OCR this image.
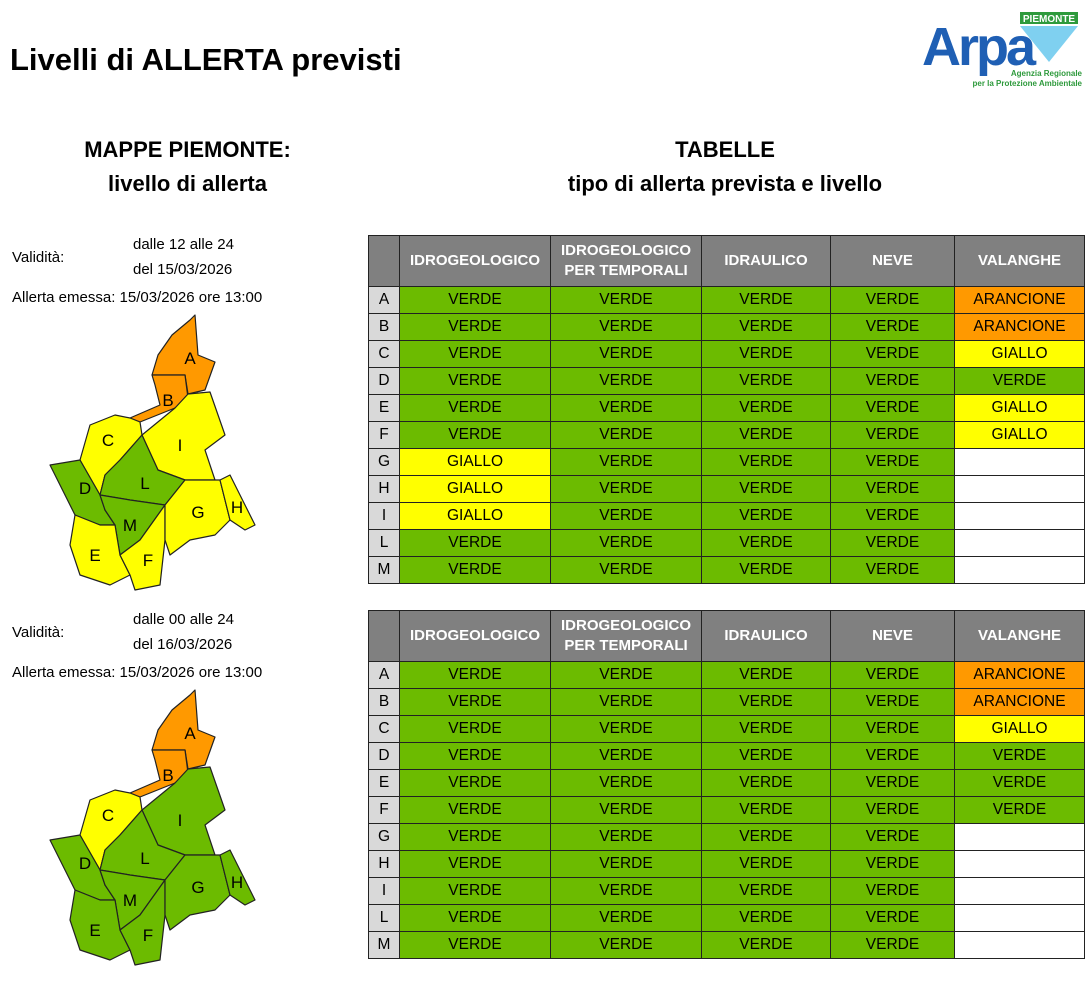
Livelli di ALLERTA previsti
PIEMONTE
Arpa
Agenzia Regionale
per la Protezione Ambientale
MAPPE PIEMONTE:
livello di allerta
TABELLE
tipo di allerta prevista e livello
Validità:
dalle 12 alle 24
del 15/03/2026
Allerta emessa: 15/03/2026 ore 13:00
A
B
C	I
D	L
M
E F
G H
	IDROGEOLOGICO	IDROGEOLOGICO PER TEMPORALI	IDRAULICO	NEVE	VALANGHE
A	VERDE	VERDE	VERDE	VERDE	ARANCIONE
B	VERDE	VERDE	VERDE	VERDE	ARANCIONE
C	VERDE	VERDE	VERDE	VERDE	GIALLO
D	VERDE	VERDE	VERDE	VERDE	VERDE
E	VERDE	VERDE	VERDE	VERDE	GIALLO
F	VERDE	VERDE	VERDE	VERDE	GIALLO
G	GIALLO	VERDE	VERDE	VERDE	
H	GIALLO	VERDE	VERDE	VERDE	
I	GIALLO	VERDE	VERDE	VERDE	
L	VERDE	VERDE	VERDE	VERDE	
M	VERDE	VERDE	VERDE	VERDE	
Validità:
dalle 00 alle 24
del 16/03/2026
Allerta emessa: 15/03/2026 ore 13:00
A
B
C	I
D	L
M
E F
G H
	IDROGEOLOGICO	IDROGEOLOGICO PER TEMPORALI	IDRAULICO	NEVE	VALANGHE
A	VERDE	VERDE	VERDE	VERDE	ARANCIONE
B	VERDE	VERDE	VERDE	VERDE	ARANCIONE
C	VERDE	VERDE	VERDE	VERDE	GIALLO
D	VERDE	VERDE	VERDE	VERDE	VERDE
E	VERDE	VERDE	VERDE	VERDE	VERDE
F	VERDE	VERDE	VERDE	VERDE	VERDE
G	VERDE	VERDE	VERDE	VERDE	
H	VERDE	VERDE	VERDE	VERDE	
I	VERDE	VERDE	VERDE	VERDE	
L	VERDE	VERDE	VERDE	VERDE	
M	VERDE	VERDE	VERDE	VERDE	
